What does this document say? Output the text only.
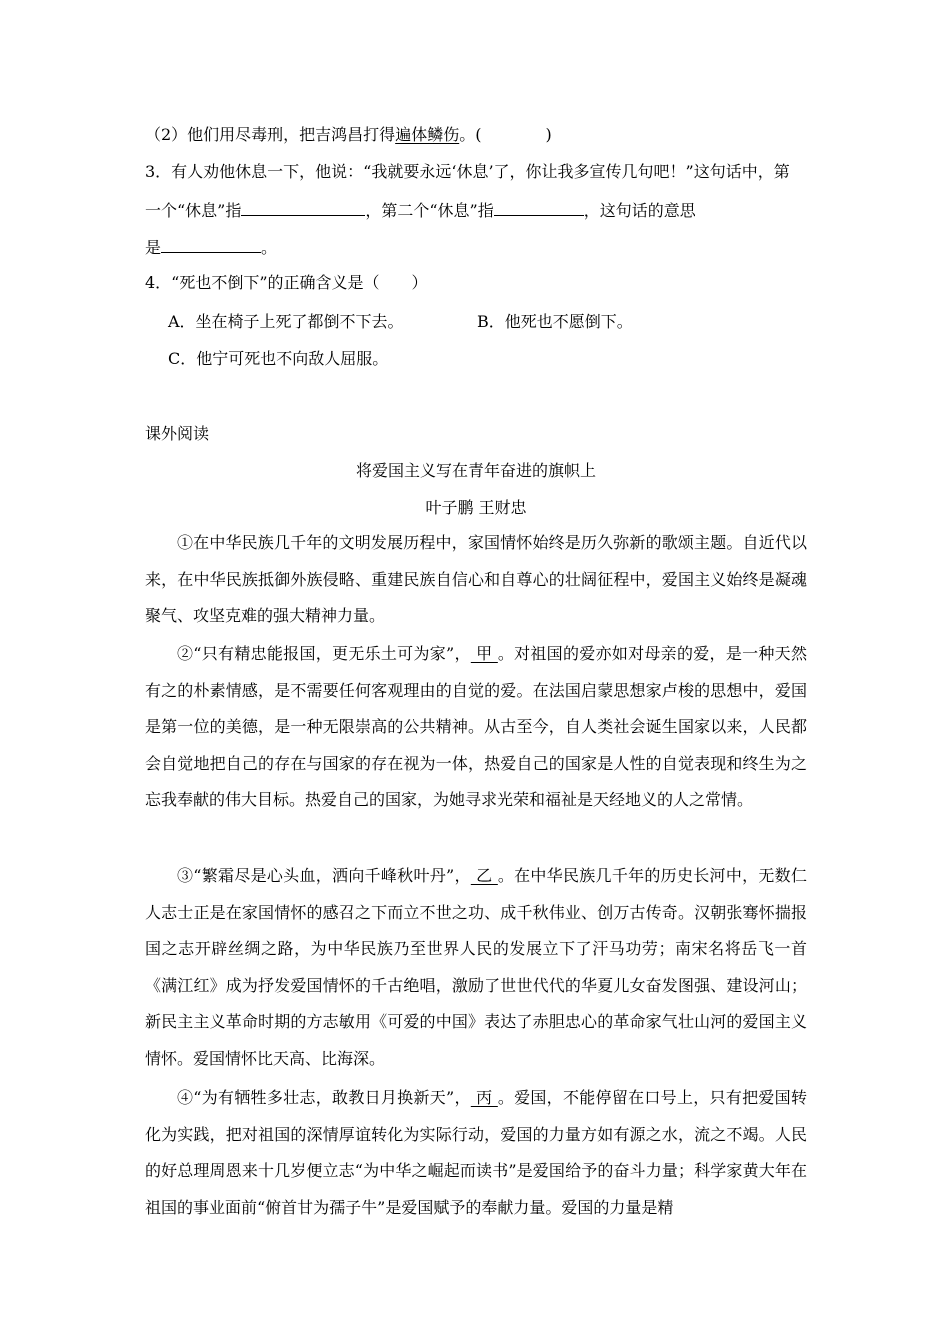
（2）他们用尽毒刑，把吉鸿昌打得遍体鳞伤。(	)
3．有人劝他休息一下，他说：“我就要永远‘休息’了，你让我多宣传几句吧！”这句话中，第
一个“休息”指	，第二个“休息”指	，这句话的意思
是	。
4．“死也不倒下”的正确含义是（　　）
A．坐在椅子上死了都倒不下去。	B．他死也不愿倒下。
C．他宁可死也不向敌人屈服。
课外阅读
将爱国主义写在青年奋进的旗帜上
叶子鹏 王财忠
①在中华民族几千年的文明发展历程中，家国情怀始终是历久弥新的歌颂主题。自近代以来，在中华民族抵御外族侵略、重建民族自信心和自尊心的壮阔征程中，爱国主义始终是凝魂聚气、攻坚克难的强大精神力量。
②“只有精忠能报国，更无乐土可为家”， 甲 。对祖国的爱亦如对母亲的爱，是一种天然有之的朴素情感，是不需要任何客观理由的自觉的爱。在法国启蒙思想家卢梭的思想中，爱国是第一位的美德，是一种无限崇高的公共精神。从古至今，自人类社会诞生国家以来，人民都会自觉地把自己的存在与国家的存在视为一体，热爱自己的国家是人性的自觉表现和终生为之忘我奉献的伟大目标。热爱自己的国家，为她寻求光荣和福祉是天经地义的人之常情。
③“繁霜尽是心头血，洒向千峰秋叶丹”， 乙 。在中华民族几千年的历史长河中，无数仁人志士正是在家国情怀的感召之下而立不世之功、成千秋伟业、创万古传奇。汉朝张骞怀揣报国之志开辟丝绸之路，为中华民族乃至世界人民的发展立下了汗马功劳；南宋名将岳飞一首《满江红》成为抒发爱国情怀的千古绝唱，激励了世世代代的华夏儿女奋发图强、建设河山；新民主主义革命时期的方志敏用《可爱的中国》表达了赤胆忠心的革命家气壮山河的爱国主义情怀。爱国情怀比天高、比海深。
④“为有牺牲多壮志，敢教日月换新天”， 丙 。爱国，不能停留在口号上，只有把爱国转化为实践，把对祖国的深情厚谊转化为实际行动，爱国的力量方如有源之水，流之不竭。人民的好总理周恩来十几岁便立志“为中华之崛起而读书”是爱国给予的奋斗力量；科学家黄大年在祖国的事业面前“俯首甘为孺子牛”是爱国赋予的奉献力量。爱国的力量是精
